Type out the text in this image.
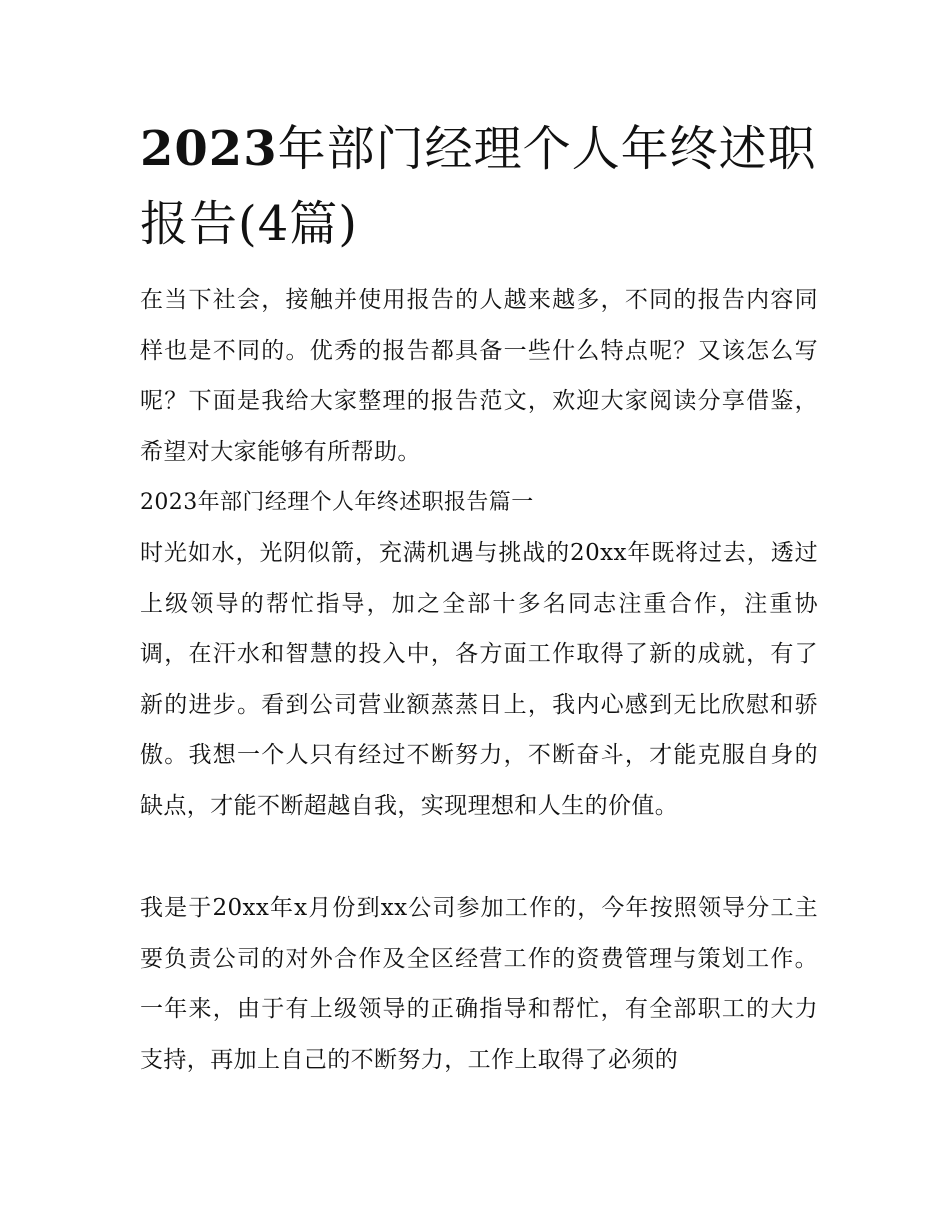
2023年部门经理个人年终述职报告(4篇)

在当下社会，接触并使用报告的人越来越多，不同的报告内容同样也是不同的。优秀的报告都具备一些什么特点呢？又该怎么写呢？下面是我给大家整理的报告范文，欢迎大家阅读分享借鉴，希望对大家能够有所帮助。

2023年部门经理个人年终述职报告篇一

时光如水，光阴似箭，充满机遇与挑战的20xx年既将过去，透过上级领导的帮忙指导，加之全部十多名同志注重合作，注重协调，在汗水和智慧的投入中，各方面工作取得了新的成就，有了新的进步。看到公司营业额蒸蒸日上，我内心感到无比欣慰和骄傲。我想一个人只有经过不断努力，不断奋斗，才能克服自身的缺点，才能不断超越自我，实现理想和人生的价值。

我是于20xx年x月份到xx公司参加工作的，今年按照领导分工主要负责公司的对外合作及全区经营工作的资费管理与策划工作。一年来，由于有上级领导的正确指导和帮忙，有全部职工的大力支持，再加上自己的不断努力，工作上取得了必须的
